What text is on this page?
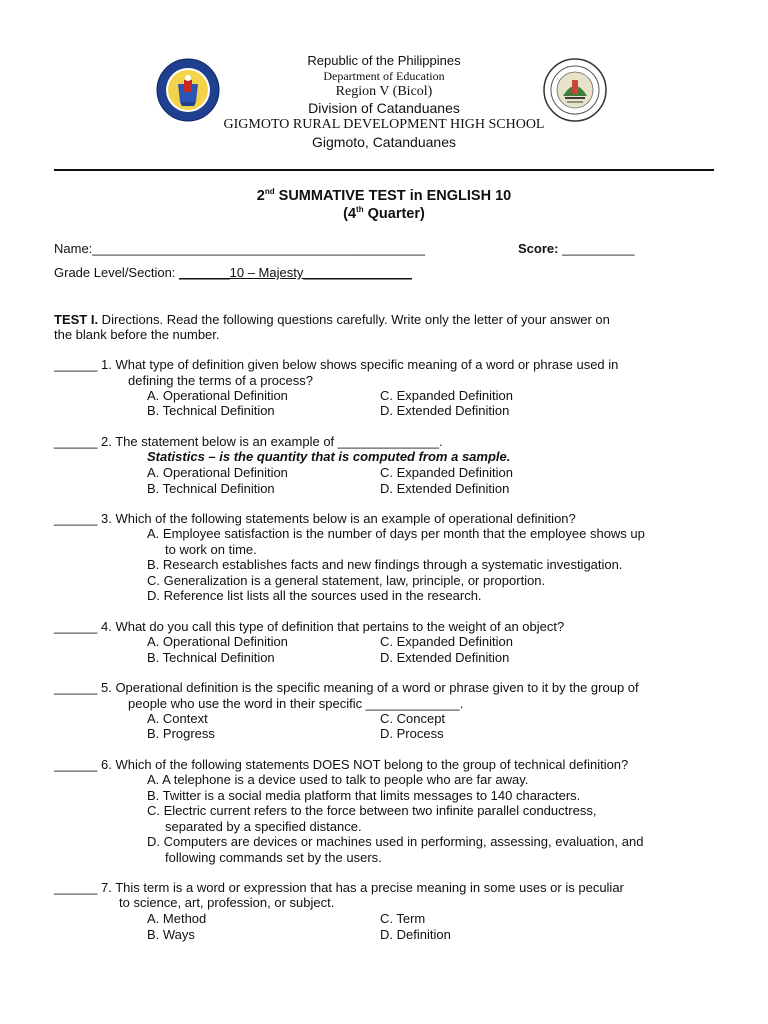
Republic of the Philippines
Department of Education
Region V (Bicol)
Division of Catanduanes
GIGMOTO RURAL DEVELOPMENT HIGH SCHOOL
Gigmoto, Catanduanes
2nd SUMMATIVE TEST in ENGLISH 10
(4th Quarter)
Name:______________________________________________	Score: __________
Grade Level/Section: _______10 – Majesty_______________
TEST I. Directions. Read the following questions carefully. Write only the letter of your answer on
the blank before the number.
______ 1. What type of definition given below shows specific meaning of a word or phrase used in
defining the terms of a process?
A. Operational Definition	C. Expanded Definition
B. Technical Definition	D. Extended Definition
______ 2. The statement below is an example of ______________.
Statistics – is the quantity that is computed from a sample.
A. Operational Definition	C. Expanded Definition
B. Technical Definition	D. Extended Definition
______ 3. Which of the following statements below is an example of operational definition?
A. Employee satisfaction is the number of days per month that the employee shows up
to work on time.
B. Research establishes facts and new findings through a systematic investigation.
C. Generalization is a general statement, law, principle, or proportion.
D. Reference list lists all the sources used in the research.
______ 4. What do you call this type of definition that pertains to the weight of an object?
A. Operational Definition	C. Expanded Definition
B. Technical Definition	D. Extended Definition
______ 5. Operational definition is the specific meaning of a word or phrase given to it by the group of
people who use the word in their specific _____________.
A. Context	C. Concept
B. Progress	D. Process
______ 6. Which of the following statements DOES NOT belong to the group of technical definition?
A. A telephone is a device used to talk to people who are far away.
B. Twitter is a social media platform that limits messages to 140 characters.
C. Electric current refers to the force between two infinite parallel conductress,
separated by a specified distance.
D. Computers are devices or machines used in performing, assessing, evaluation, and
following commands set by the users.
______ 7. This term is a word or expression that has a precise meaning in some uses or is peculiar
to science, art, profession, or subject.
A. Method	C. Term
B. Ways	D. Definition
